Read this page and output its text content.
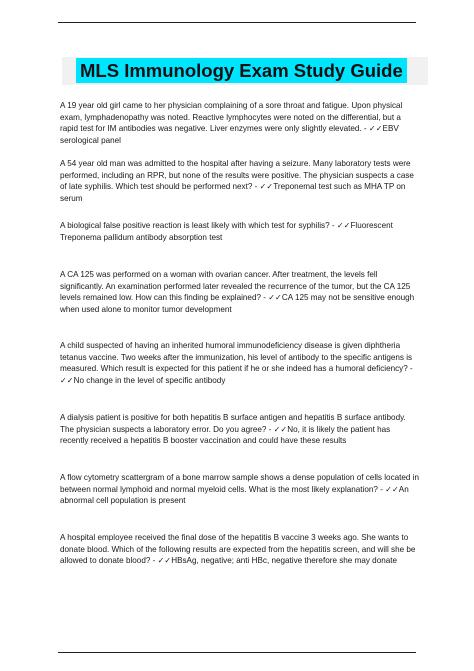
MLS Immunology Exam Study Guide

A 19 year old girl came to her physician complaining of a sore throat and fatigue. Upon physical exam, lymphadenopathy was noted. Reactive lymphocytes were noted on the differential, but a rapid test for IM antibodies was negative. Liver enzymes were only slightly elevated. - ✓✓EBV serological panel

A 54 year old man was admitted to the hospital after having a seizure. Many laboratory tests were performed, including an RPR, but none of the results were positive. The physician suspects a case of late syphilis. Which test should be performed next? - ✓✓Treponemal test such as MHA TP on serum

A biological false positive reaction is least likely with which test for syphilis? - ✓✓Fluorescent Treponema pallidum antibody absorption test

A CA 125 was performed on a woman with ovarian cancer. After treatment, the levels fell significantly. An examination performed later revealed the recurrence of the tumor, but the CA 125 levels remained low. How can this finding be explained? - ✓✓CA 125 may not be sensitive enough when used alone to monitor tumor development

A child suspected of having an inherited humoral immunodeficiency disease is given diphtheria tetanus vaccine. Two weeks after the immunization, his level of antibody to the specific antigens is measured. Which result is expected for this patient if he or she indeed has a humoral deficiency? - ✓✓No change in the level of specific antibody

A dialysis patient is positive for both hepatitis B surface antigen and hepatitis B surface antibody. The physician suspects a laboratory error. Do you agree? - ✓✓No, it is likely the patient has recently received a hepatitis B booster vaccination and could have these results

A flow cytometry scattergram of a bone marrow sample shows a dense population of cells located in between normal lymphoid and normal myeloid cells. What is the most likely explanation? - ✓✓An abnormal cell population is present

A hospital employee received the final dose of the hepatitis B vaccine 3 weeks ago. She wants to donate blood. Which of the following results are expected from the hepatitis screen, and will she be allowed to donate blood? - ✓✓HBsAg, negative; anti HBc, negative therefore she may donate
